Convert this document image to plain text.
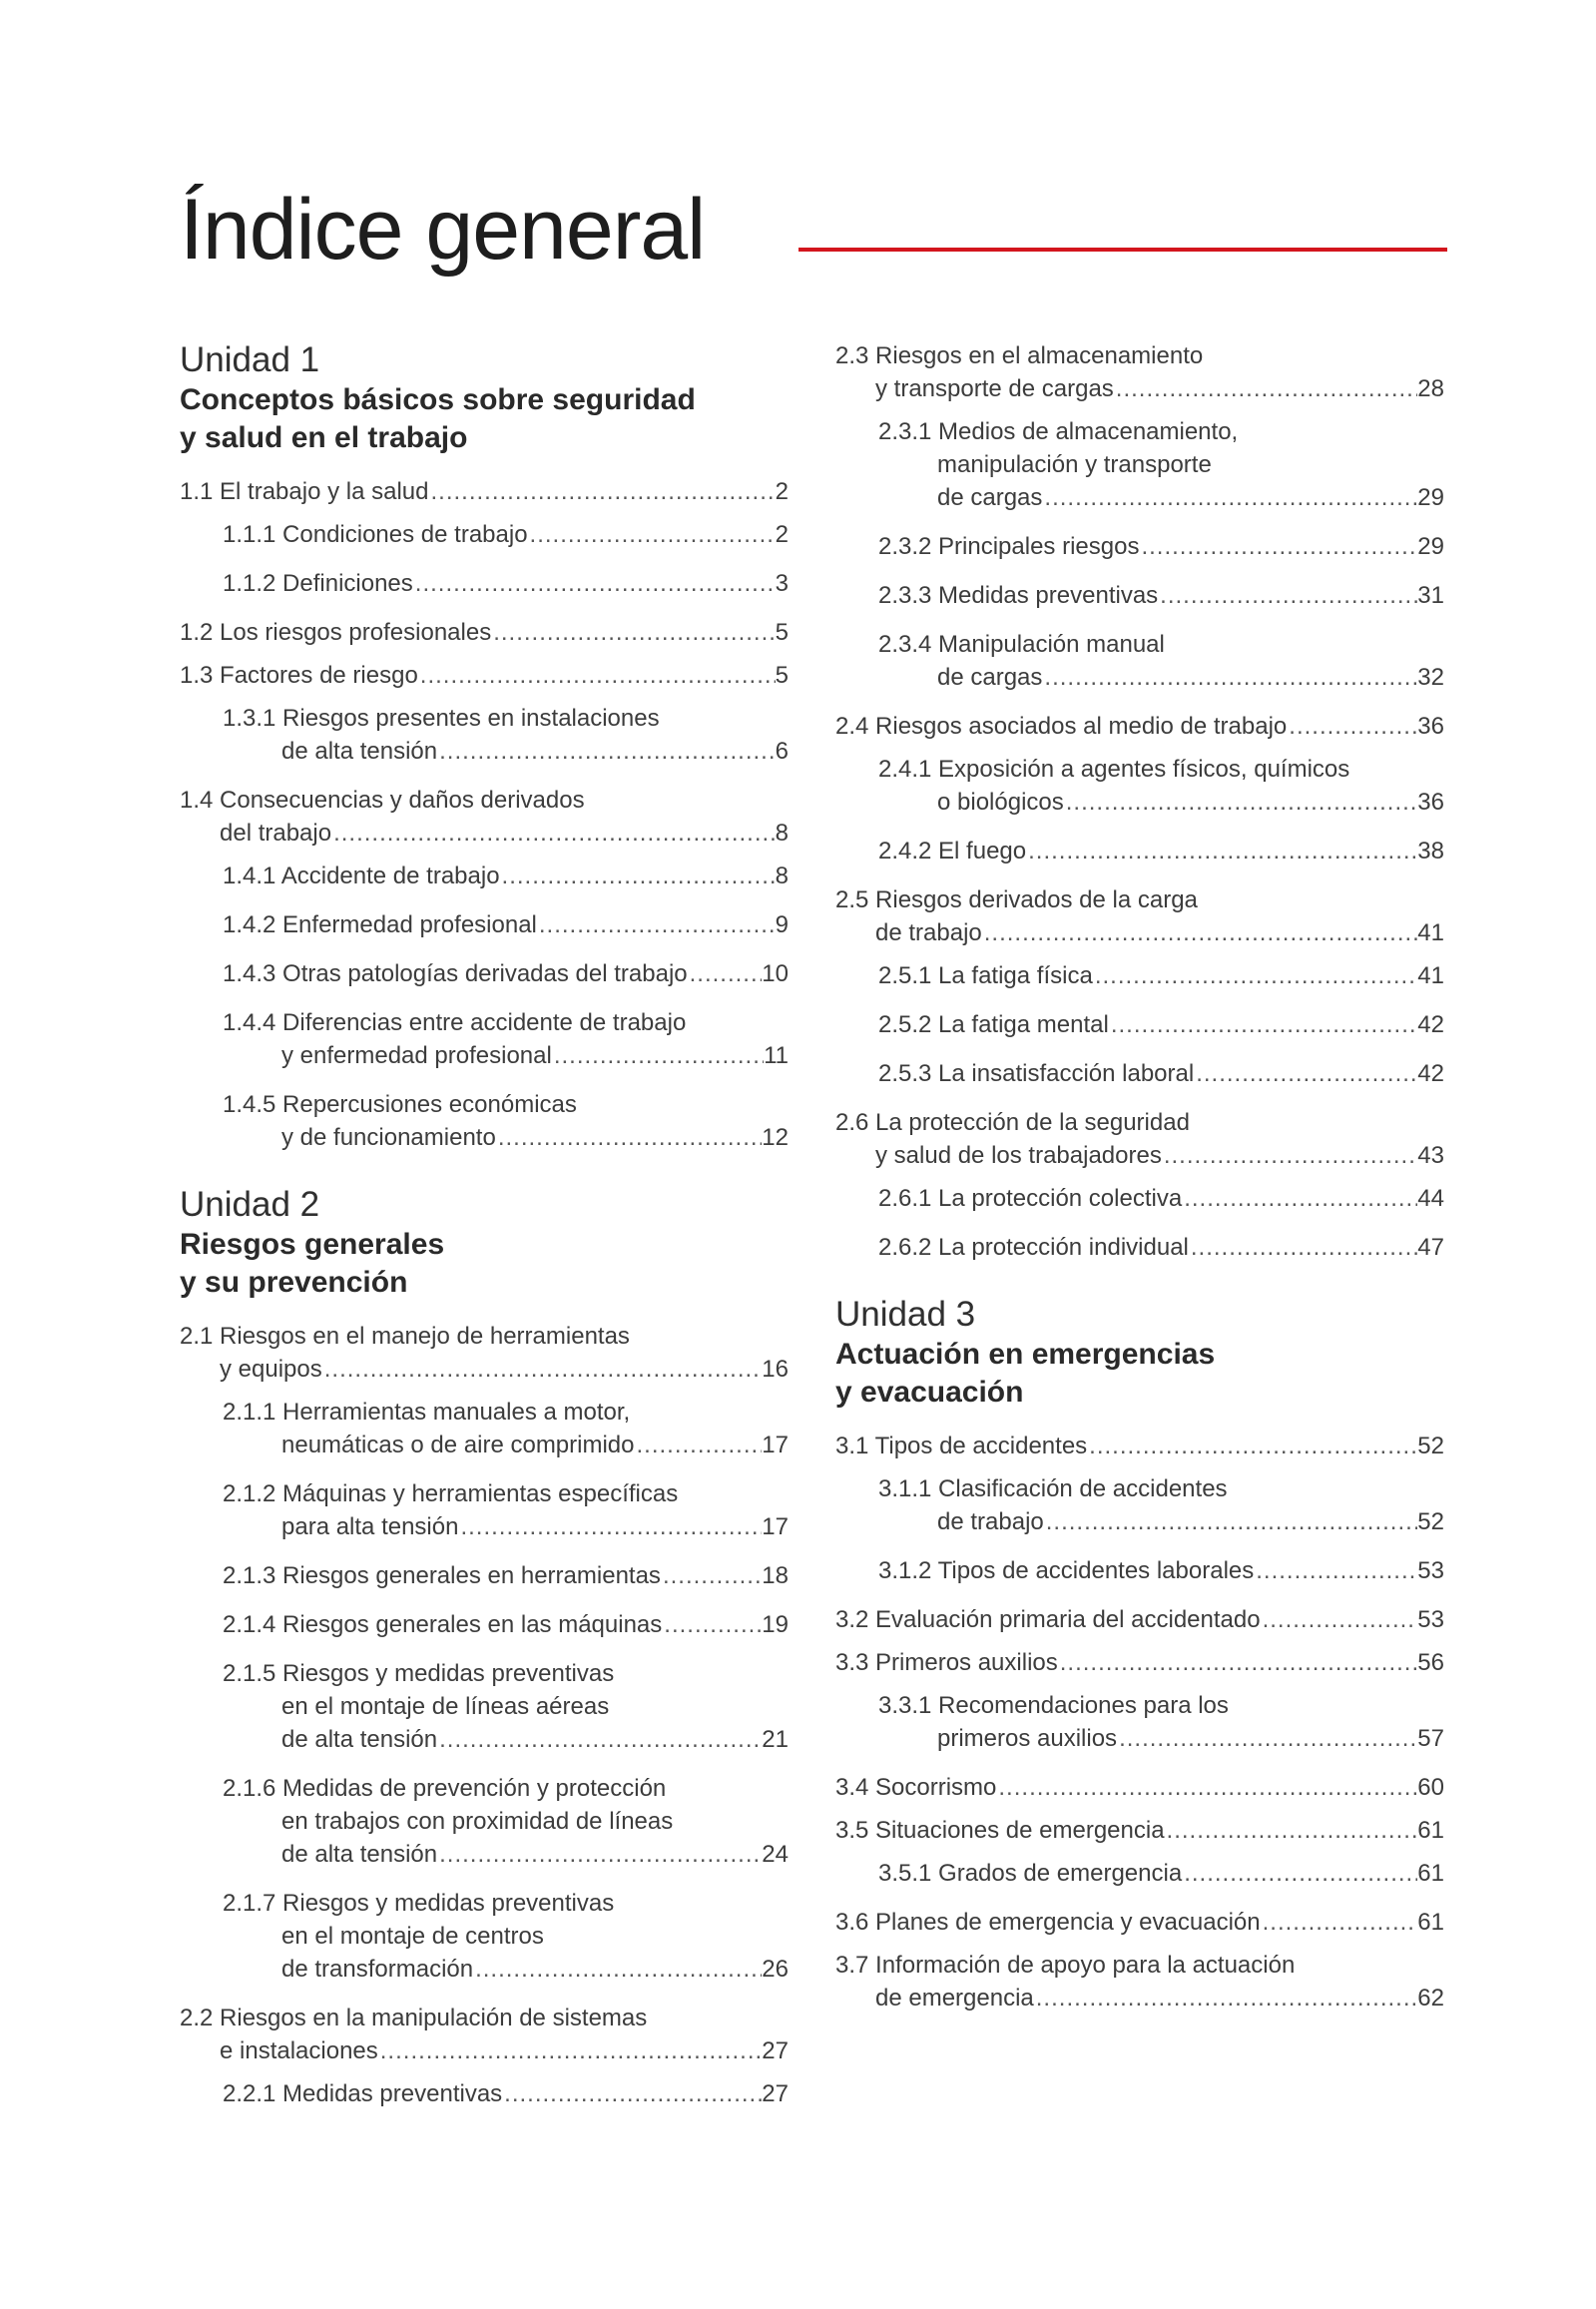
Índice general
Unidad 1
Conceptos básicos sobre seguridad
y salud en el trabajo
1.1 El trabajo y la salud .....	2
1.1.1 Condiciones de trabajo .....	2
1.1.2 Definiciones .....	3
1.2 Los riesgos profesionales .....	5
1.3 Factores de riesgo .....	5
1.3.1 Riesgos presentes en instalaciones
de alta tensión .....	6
1.4 Consecuencias y daños derivados
del trabajo .....	8
1.4.1 Accidente de trabajo .....	8
1.4.2 Enfermedad profesional .....	9
1.4.3 Otras patologías derivadas del trabajo .....	10
1.4.4 Diferencias entre accidente de trabajo
y enfermedad profesional .....	11
1.4.5 Repercusiones económicas
y de funcionamiento .....	12
Unidad 2
Riesgos generales
y su prevención
2.1 Riesgos en el manejo de herramientas
y equipos .....	16
2.1.1 Herramientas manuales a motor,
neumáticas o de aire comprimido .....	17
2.1.2 Máquinas y herramientas específicas
para alta tensión .....	17
2.1.3 Riesgos generales en herramientas .....	18
2.1.4 Riesgos generales en las máquinas .....	19
2.1.5 Riesgos y medidas preventivas
en el montaje de líneas aéreas
de alta tensión .....	21
2.1.6 Medidas de prevención y protección
en trabajos con proximidad de líneas
de alta tensión .....	24
2.1.7 Riesgos y medidas preventivas
en el montaje de centros
de transformación .....	26
2.2 Riesgos en la manipulación de sistemas
e instalaciones .....	27
2.2.1 Medidas preventivas .....	27
2.3 Riesgos en el almacenamiento
y transporte de cargas .....	28
2.3.1 Medios de almacenamiento,
manipulación y transporte
de cargas .....	29
2.3.2 Principales riesgos .....	29
2.3.3 Medidas preventivas .....	31
2.3.4 Manipulación manual
de cargas .....	32
2.4 Riesgos asociados al medio de trabajo .....	36
2.4.1 Exposición a agentes físicos, químicos
o biológicos .....	36
2.4.2 El fuego .....	38
2.5 Riesgos derivados de la carga
de trabajo .....	41
2.5.1 La fatiga física .....	41
2.5.2 La fatiga mental .....	42
2.5.3 La insatisfacción laboral .....	42
2.6 La protección de la seguridad
y salud de los trabajadores .....	43
2.6.1 La protección colectiva .....	44
2.6.2 La protección individual .....	47
Unidad 3
Actuación en emergencias
y evacuación
3.1 Tipos de accidentes .....	52
3.1.1 Clasificación de accidentes
de trabajo .....	52
3.1.2 Tipos de accidentes laborales .....	53
3.2 Evaluación primaria del accidentado .....	53
3.3 Primeros auxilios .....	56
3.3.1 Recomendaciones para los
primeros auxilios .....	57
3.4 Socorrismo .....	60
3.5 Situaciones de emergencia .....	61
3.5.1 Grados de emergencia .....	61
3.6 Planes de emergencia y evacuación .....	61
3.7 Información de apoyo para la actuación
de emergencia .....	62
